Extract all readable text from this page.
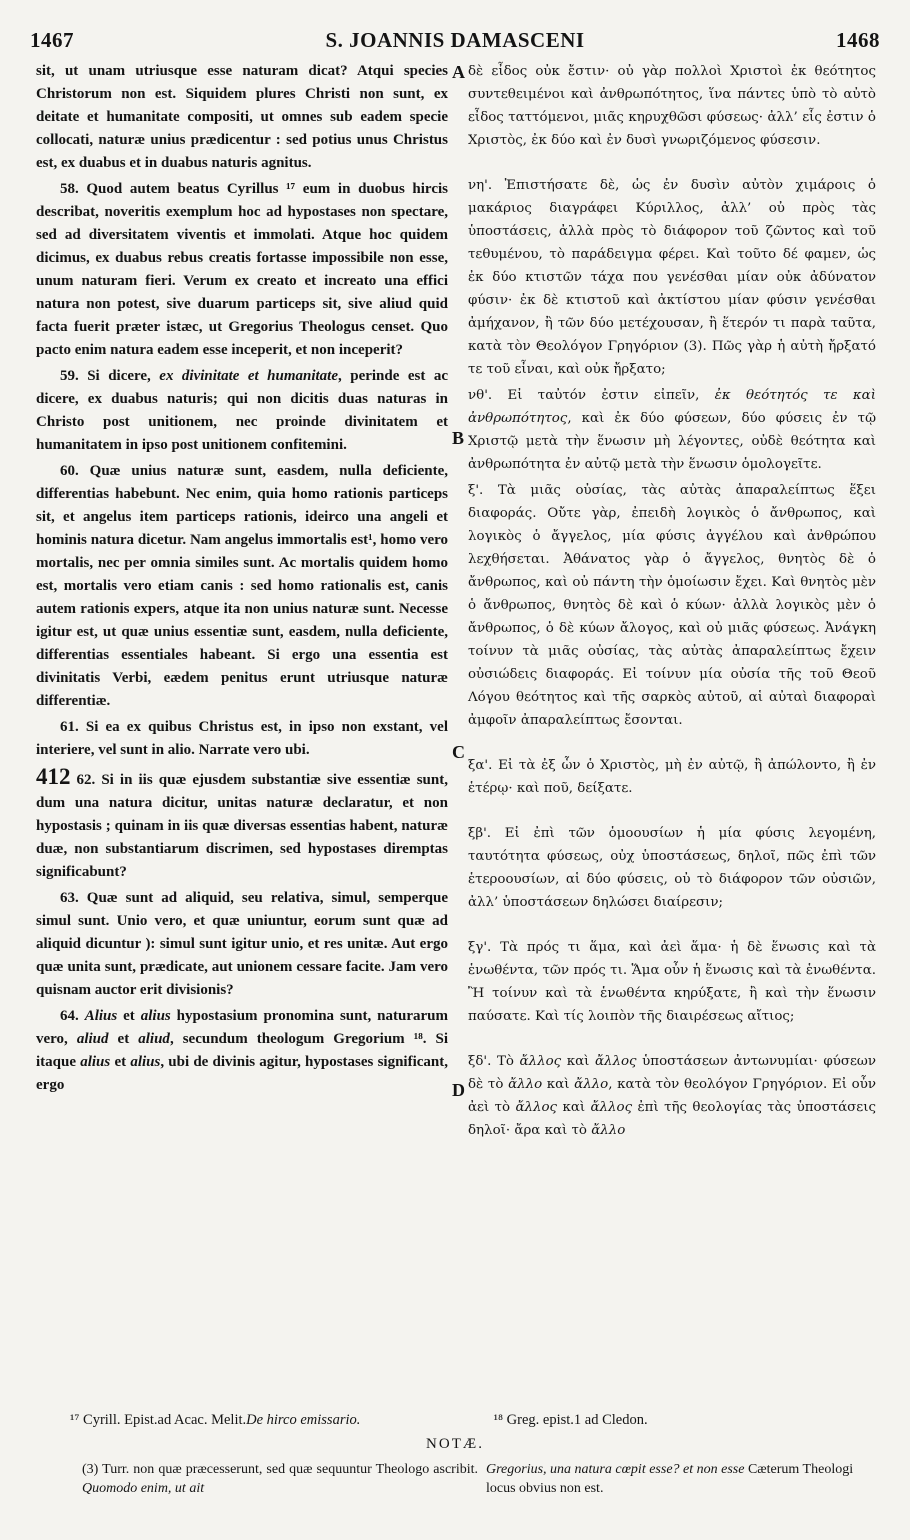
1467	S. JOANNIS DAMASCENI	1468
A
B
C
D

sit, ut unam utriusque esse naturam dicat? Atqui species Christorum non est. Siquidem plures Christi non sunt, ex deitate et humanitate compositi, ut omnes sub eadem specie collocati, naturæ unius prædicentur : sed potius unus Christus est, ex duabus et in duabus naturis agnitus.

58. Quod autem beatus Cyrillus ¹⁷ eum in duobus hircis describat, noveritis exemplum hoc ad hypostases non spectare, sed ad diversitatem viventis et immolati. Atque hoc quidem dicimus, ex duabus rebus creatis fortasse impossibile non esse, unum naturam fieri. Verum ex creato et increato una effici natura non potest, sive duarum particeps sit, sive aliud quid facta fuerit præter istæc, ut Gregorius Theologus censet. Quo pacto enim natura eadem esse inceperit, et non inceperit?

59. Si dicere, ex divinitate et humanitate, perinde est ac dicere, ex duabus naturis; qui non dicitis duas naturas in Christo post unitionem, nec proinde divinitatem et humanitatem in ipso post unitionem confitemini.

60. Quæ unius naturæ sunt, easdem, nulla deficiente, differentias habebunt. Nec enim, quia homo rationis particeps sit, et angelus item particeps rationis, ideirco una angeli et hominis natura dicetur. Nam angelus immortalis est¹, homo vero mortalis, nec per omnia similes sunt. Ac mortalis quidem homo est, mortalis vero etiam canis : sed homo rationalis est, canis autem rationis expers, atque ita non unius naturæ sunt. Necesse igitur est, ut quæ unius essentiæ sunt, easdem, nulla deficiente, differentias essentiales habeant. Si ergo una essentia est divinitatis Verbi, eædem penitus erunt utriusque naturæ differentiæ.

61. Si ea ex quibus Christus est, in ipso non exstant, vel interiere, vel sunt in alio. Narrate vero ubi.

412 62. Si in iis quæ ejusdem substantiæ sive essentiæ sunt, dum una natura dicitur, unitas naturæ declaratur, et non hypostasis ; quinam in iis quæ diversas essentias habent, naturæ duæ, non substantiarum discrimen, sed hypostases diremptas significabunt?

63. Quæ sunt ad aliquid, seu relativa, simul, semperque simul sunt. Unio vero, et quæ uniuntur, eorum sunt quæ ad aliquid dicuntur ): simul sunt igitur unio, et res unitæ. Aut ergo quæ unita sunt, prædicate, aut unionem cessare facite. Jam vero quisnam auctor erit divisionis?

64. Alius et alius hypostasium pronomina sunt, naturarum vero, aliud et aliud, secundum theologum Gregorium ¹⁸. Si itaque alius et alius, ubi de divinis agitur, hypostases significant, ergo

δὲ εἶδος οὐκ ἔστιν· οὐ γὰρ πολλοὶ Χριστοὶ ἐκ θεότητος συντεθειμένοι καὶ ἀνθρωπότητος, ἵνα πάντες ὑπὸ τὸ αὐτὸ εἶδος ταττόμενοι, μιᾶς κηρυχθῶσι φύσεως· ἀλλ’ εἷς ἐστιν ὁ Χριστὸς, ἐκ δύο καὶ ἐν δυσὶ γνωριζόμενος φύσεσιν.

νη'. Ἐπιστήσατε δὲ, ὡς ἐν δυσὶν αὐτὸν χιμάροις ὁ μακάριος διαγράφει Κύριλλος, ἀλλ’ οὐ πρὸς τὰς ὑποστάσεις, ἀλλὰ πρὸς τὸ διάφορον τοῦ ζῶντος καὶ τοῦ τεθυμένου, τὸ παράδειγμα φέρει. Καὶ τοῦτο δέ φαμεν, ὡς ἐκ δύο κτιστῶν τάχα που γενέσθαι μίαν οὐκ ἀδύνατον φύσιν· ἐκ δὲ κτιστοῦ καὶ ἀκτίστου μίαν φύσιν γενέσθαι ἀμήχανον, ἢ τῶν δύο μετέχουσαν, ἢ ἕτερόν τι παρὰ ταῦτα, κατὰ τὸν Θεολόγον Γρηγόριον (3). Πῶς γὰρ ἡ αὐτὴ ἤρξατό τε τοῦ εἶναι, καὶ οὐκ ἤρξατο;

νθ'. Εἰ ταὐτόν ἐστιν εἰπεῖν, ἐκ θεότητός τε καὶ ἀνθρωπότητος, καὶ ἐκ δύο φύσεων, δύο φύσεις ἐν τῷ Χριστῷ μετὰ τὴν ἕνωσιν μὴ λέγοντες, οὐδὲ θεότητα καὶ ἀνθρωπότητα ἐν αὐτῷ μετὰ τὴν ἕνωσιν ὁμολογεῖτε.

ξ'. Τὰ μιᾶς οὐσίας, τὰς αὐτὰς ἀπαραλείπτως ἕξει διαφοράς. Οὔτε γὰρ, ἐπειδὴ λογικὸς ὁ ἄνθρωπος, καὶ λογικὸς ὁ ἄγγελος, μία φύσις ἀγγέλου καὶ ἀνθρώπου λεχθήσεται. Ἀθάνατος γὰρ ὁ ἄγγελος, θνητὸς δὲ ὁ ἄνθρωπος, καὶ οὐ πάντη τὴν ὁμοίωσιν ἔχει. Καὶ θνητὸς μὲν ὁ ἄνθρωπος, θνητὸς δὲ καὶ ὁ κύων· ἀλλὰ λογικὸς μὲν ὁ ἄνθρωπος, ὁ δὲ κύων ἄλογος, καὶ οὐ μιᾶς φύσεως. Ἀνάγκη τοίνυν τὰ μιᾶς οὐσίας, τὰς αὐτὰς ἀπαραλείπτως ἔχειν οὐσιώδεις διαφοράς. Εἰ τοίνυν μία οὐσία τῆς τοῦ Θεοῦ Λόγου θεότητος καὶ τῆς σαρκὸς αὐτοῦ, αἱ αὐταὶ διαφοραὶ ἀμφοῖν ἀπαραλείπτως ἔσονται.

ξα'. Εἰ τὰ ἐξ ὧν ὁ Χριστὸς, μὴ ἐν αὐτῷ, ἢ ἀπώλοντο, ἢ ἐν ἑτέρῳ· καὶ ποῦ, δείξατε.

ξβ'. Εἰ ἐπὶ τῶν ὁμοουσίων ἡ μία φύσις λεγομένη, ταυτότητα φύσεως, οὐχ ὑποστάσεως, δηλοῖ, πῶς ἐπὶ τῶν ἑτεροουσίων, αἱ δύο φύσεις, οὐ τὸ διάφορον τῶν οὐσιῶν, ἀλλ’ ὑποστάσεων δηλώσει διαίρεσιν;

ξγ'. Τὰ πρός τι ἅμα, καὶ ἀεὶ ἅμα· ἡ δὲ ἕνωσις καὶ τὰ ἑνωθέντα, τῶν πρός τι. Ἅμα οὖν ἡ ἕνωσις καὶ τὰ ἑνωθέντα. Ἢ τοίνυν καὶ τὰ ἑνωθέντα κηρύξατε, ἢ καὶ τὴν ἕνωσιν παύσατε. Καὶ τίς λοιπὸν τῆς διαιρέσεως αἴτιος;

ξδ'. Τὸ ἄλλος καὶ ἄλλος ὑποστάσεων ἀντωνυμίαι· φύσεων δὲ τὸ ἄλλο καὶ ἄλλο, κατὰ τὸν θεολόγον Γρηγόριον. Εἰ οὖν ἀεὶ τὸ ἄλλος καὶ ἄλλος ἐπὶ τῆς θεολογίας τὰς ὑποστάσεις δηλοῖ· ἄρα καὶ τὸ ἄλλο

¹⁷ Cyrill. Epist.ad Acac. Melit.De hirco emissario.	¹⁸ Greg. epist.1 ad Cledon.
NOTÆ.
(3) Turr. non quæ præcesserunt, sed quæ sequuntur Theologo ascribit. Quomodo enim, ut ait
Gregorius, una natura cœpit esse? et non esse Cæterum Theologi locus obvius non est.
